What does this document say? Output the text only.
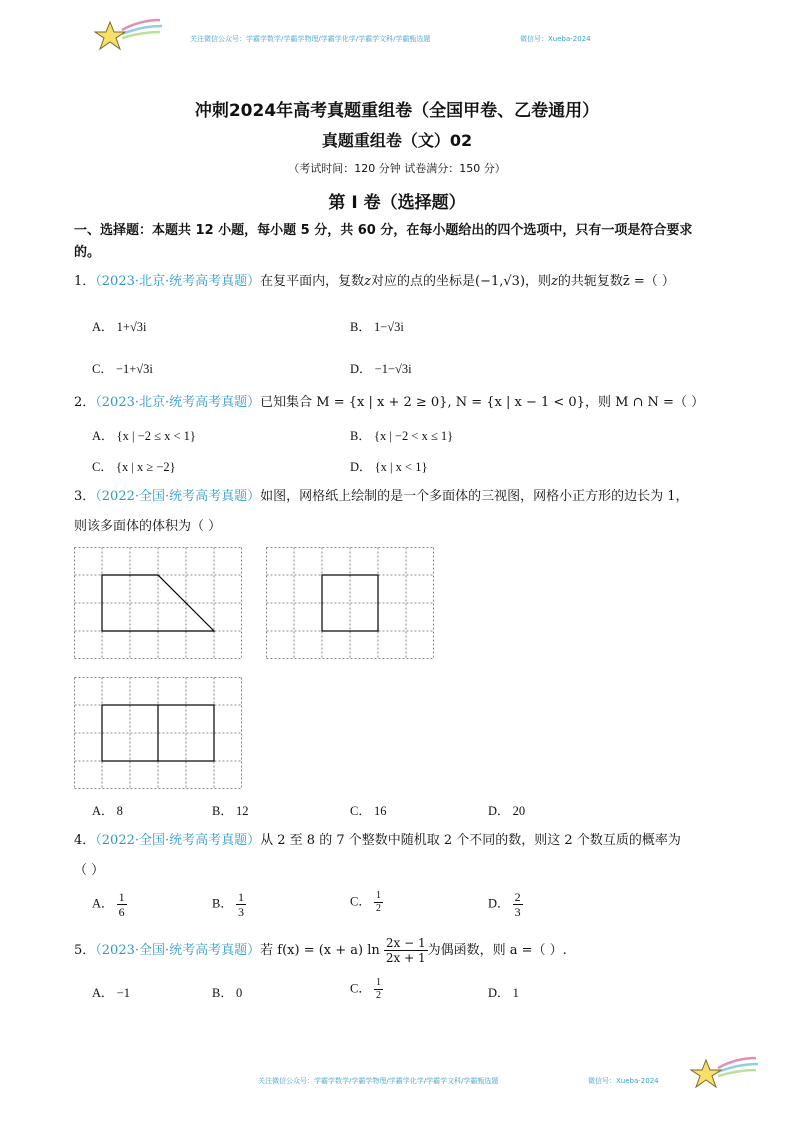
关注微信公众号：学霸学数学/学霸学物理/学霸学化学/学霸学文科/学霸甄选题	微信号：Xueba-2024
冲刺2024年高考真题重组卷（全国甲卷、乙卷通用）
真题重组卷（文）02
（考试时间：120 分钟 试卷满分：150 分）
第 I 卷（选择题）
一、选择题：本题共 12 小题，每小题 5 分，共 60 分，在每小题给出的四个选项中，只有一项是符合要求
的。
1．（2023·北京·统考高考真题）在复平面内，复数z对应的点的坐标是(−1,√3)，则z的共轭复数z̄ =（ ）
A． 1+√3i	B． 1−√3i
C． −1+√3i	D． −1−√3i
2．（2023·北京·统考高考真题）已知集合 M = {x | x + 2 ≥ 0}, N = {x | x − 1 < 0}，则 M ∩ N =（ ）
A． {x | −2 ≤ x < 1}	B． {x | −2 < x ≤ 1}
C． {x | x ≥ −2}	D． {x | x < 1}
3．（2022·全国·统考高考真题）如图，网格纸上绘制的是一个多面体的三视图，网格小正方形的边长为 1，
则该多面体的体积为（ ）
A． 8	B． 12	C． 16	D． 20
4．（2022·全国·统考高考真题）从 2 至 8 的 7 个整数中随机取 2 个不同的数，则这 2 个数互质的概率为
（ ）
A． $\frac{1}{6}$	B． $\frac{1}{3}$	C． $\frac{1}{2}$	D． $\frac{2}{3}$
5．（2023·全国·统考高考真题）若 f(x) = (x + a) $\ln \frac{2x - 1}{2x + 1}$ 为偶函数，则 a =（ ）.
A． −1	B． 0	C． $\frac{1}{2}$	D． 1
关注微信公众号：学霸学数学/学霸学物理/学霸学化学/学霸学文科/学霸甄选题	微信号：Xueba-2024
